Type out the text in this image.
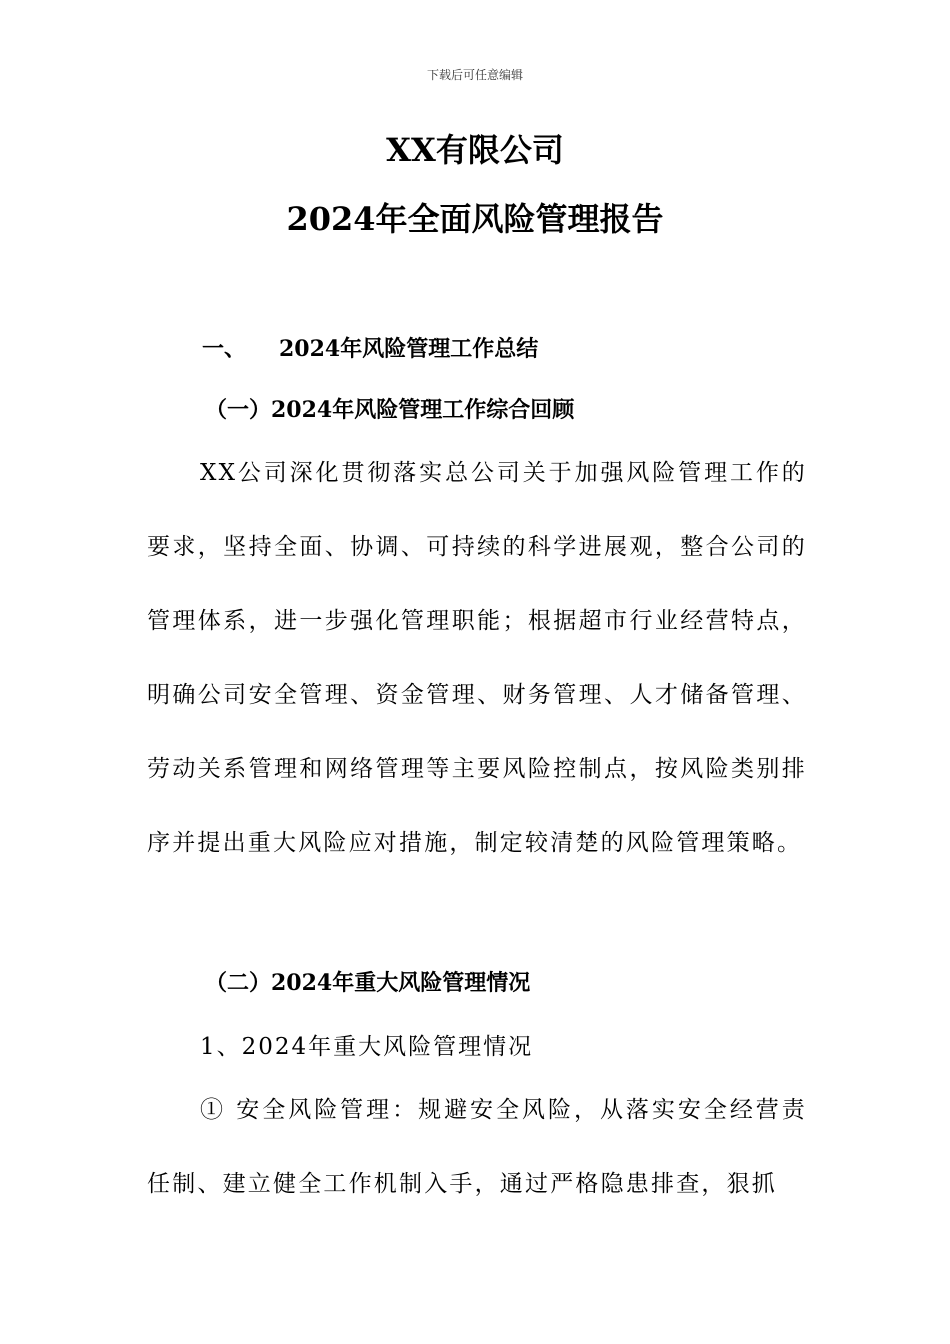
下载后可任意编辑
XX有限公司
2024年全面风险管理报告
一、 2024年风险管理工作总结
（一）2024年风险管理工作综合回顾
XX公司深化贯彻落实总公司关于加强风险管理工作的要求，坚持全面、协调、可持续的科学进展观，整合公司的管理体系，进一步强化管理职能；根据超市行业经营特点，明确公司安全管理、资金管理、财务管理、人才储备管理、劳动关系管理和网络管理等主要风险控制点，按风险类别排序并提出重大风险应对措施，制定较清楚的风险管理策略。
（二）2024年重大风险管理情况
1、2024年重大风险管理情况
① 安全风险管理：规避安全风险，从落实安全经营责任制、建立健全工作机制入手，通过严格隐患排查，狠抓
